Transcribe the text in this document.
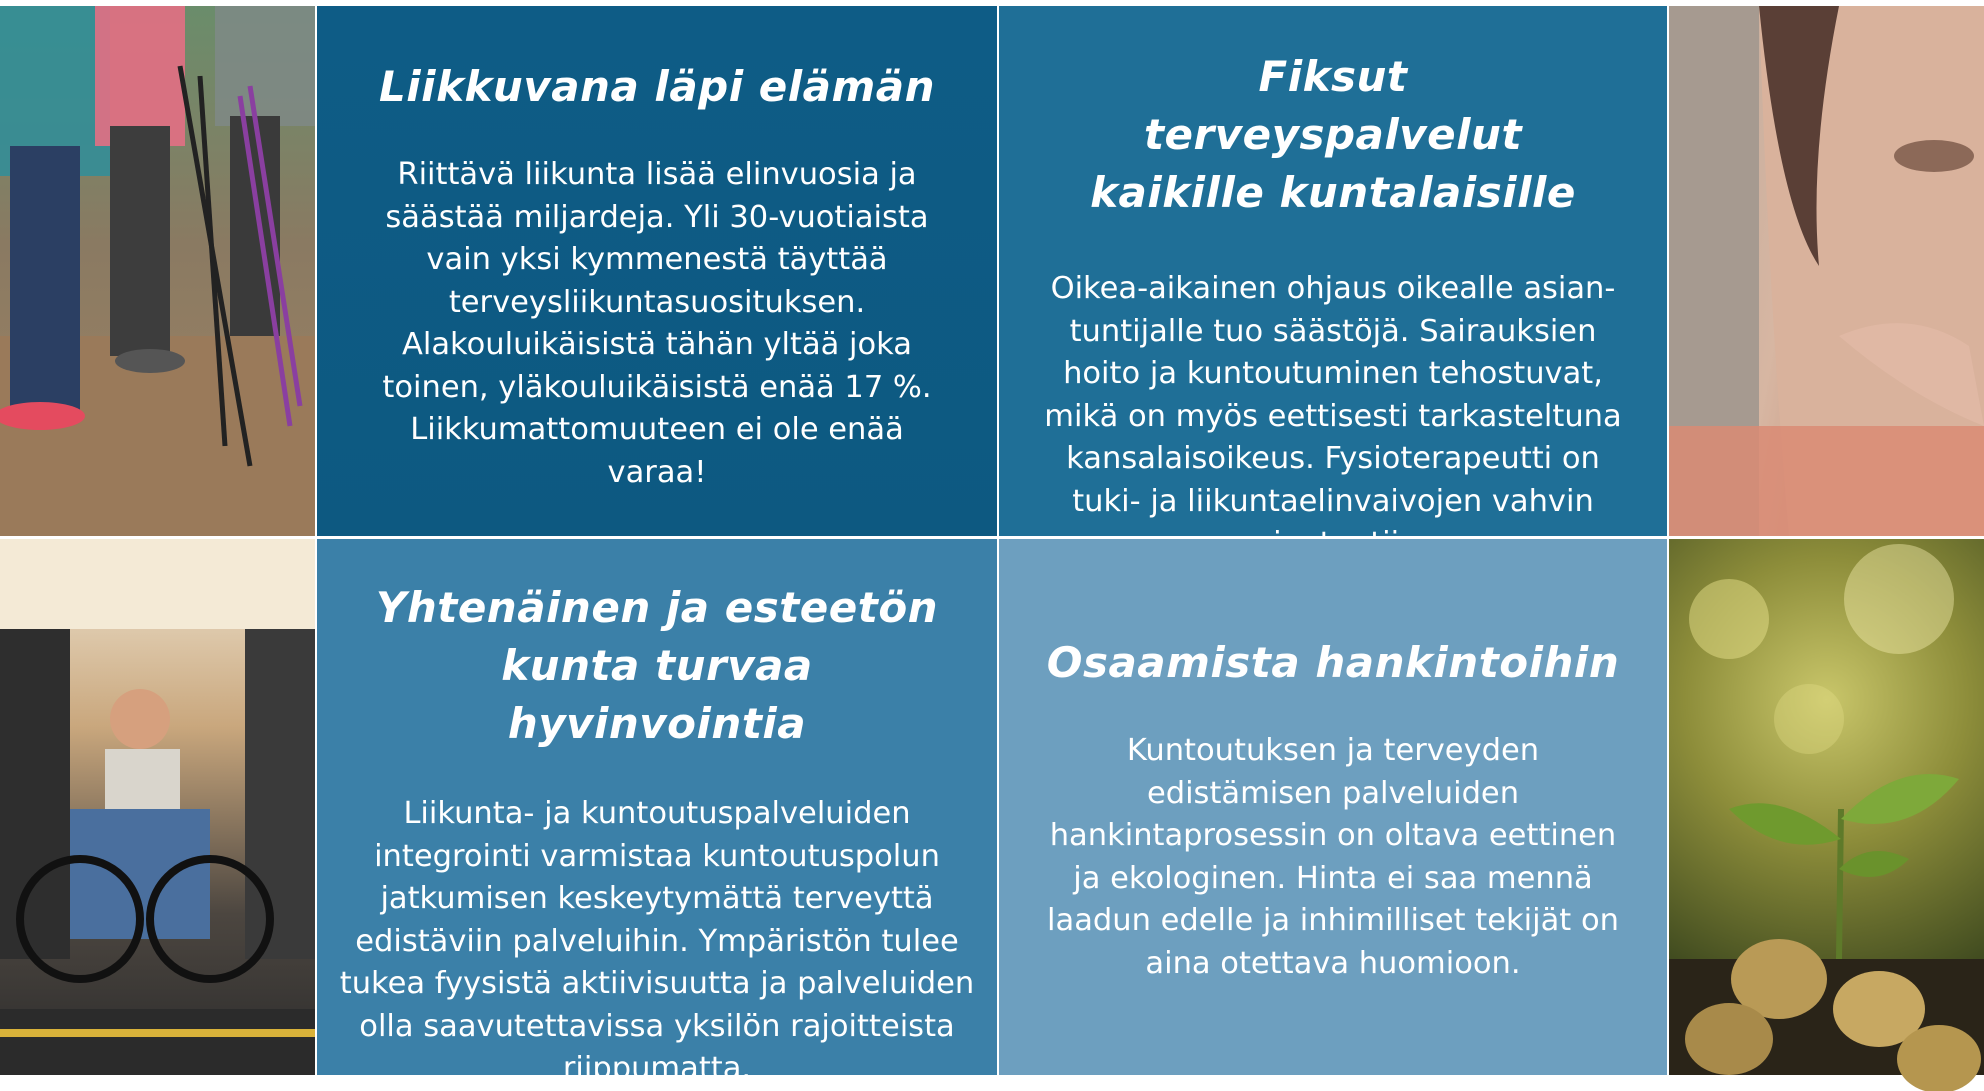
Liikkuvana läpi elämän

Riittävä liikunta lisää elinvuosia ja säästää miljardeja. Yli 30-vuotiaista vain yksi kymmenestä täyttää terveysliikuntasuosituksen. Alakouluikäisistä tähän yltää joka toinen, yläkouluikäisistä enää 17 %. Liikkumattomuuteen ei ole enää varaa!

Fiksut terveyspalvelut kaikille kuntalaisille

Oikea-aikainen ohjaus oikealle asian-tuntijalle tuo säästöjä. Sairauksien hoito ja kuntoutuminen tehostuvat, mikä on myös eettisesti tarkasteltuna kansalaisoikeus. Fysioterapeutti on tuki- ja liikuntaelinvaivojen vahvin

Yhtenäinen ja esteetön kunta turvaa hyvinvointia

Liikunta- ja kuntoutuspalveluiden integrointi varmistaa kuntoutuspolun jatkumisen keskeytymättä terveyttä edistäviin palveluihin. Ympäristön tulee tukea fyysistä aktiivisuutta ja palveluiden olla saavutettavissa yksilön rajoitteista riippumatta.

Osaamista hankintoihin

Kuntoutuksen ja terveyden edistämisen palveluiden hankintaprosessin on oltava eettinen ja ekologinen. Hinta ei saa mennä laadun edelle ja inhimilliset tekijät on aina otettava huomioon.
